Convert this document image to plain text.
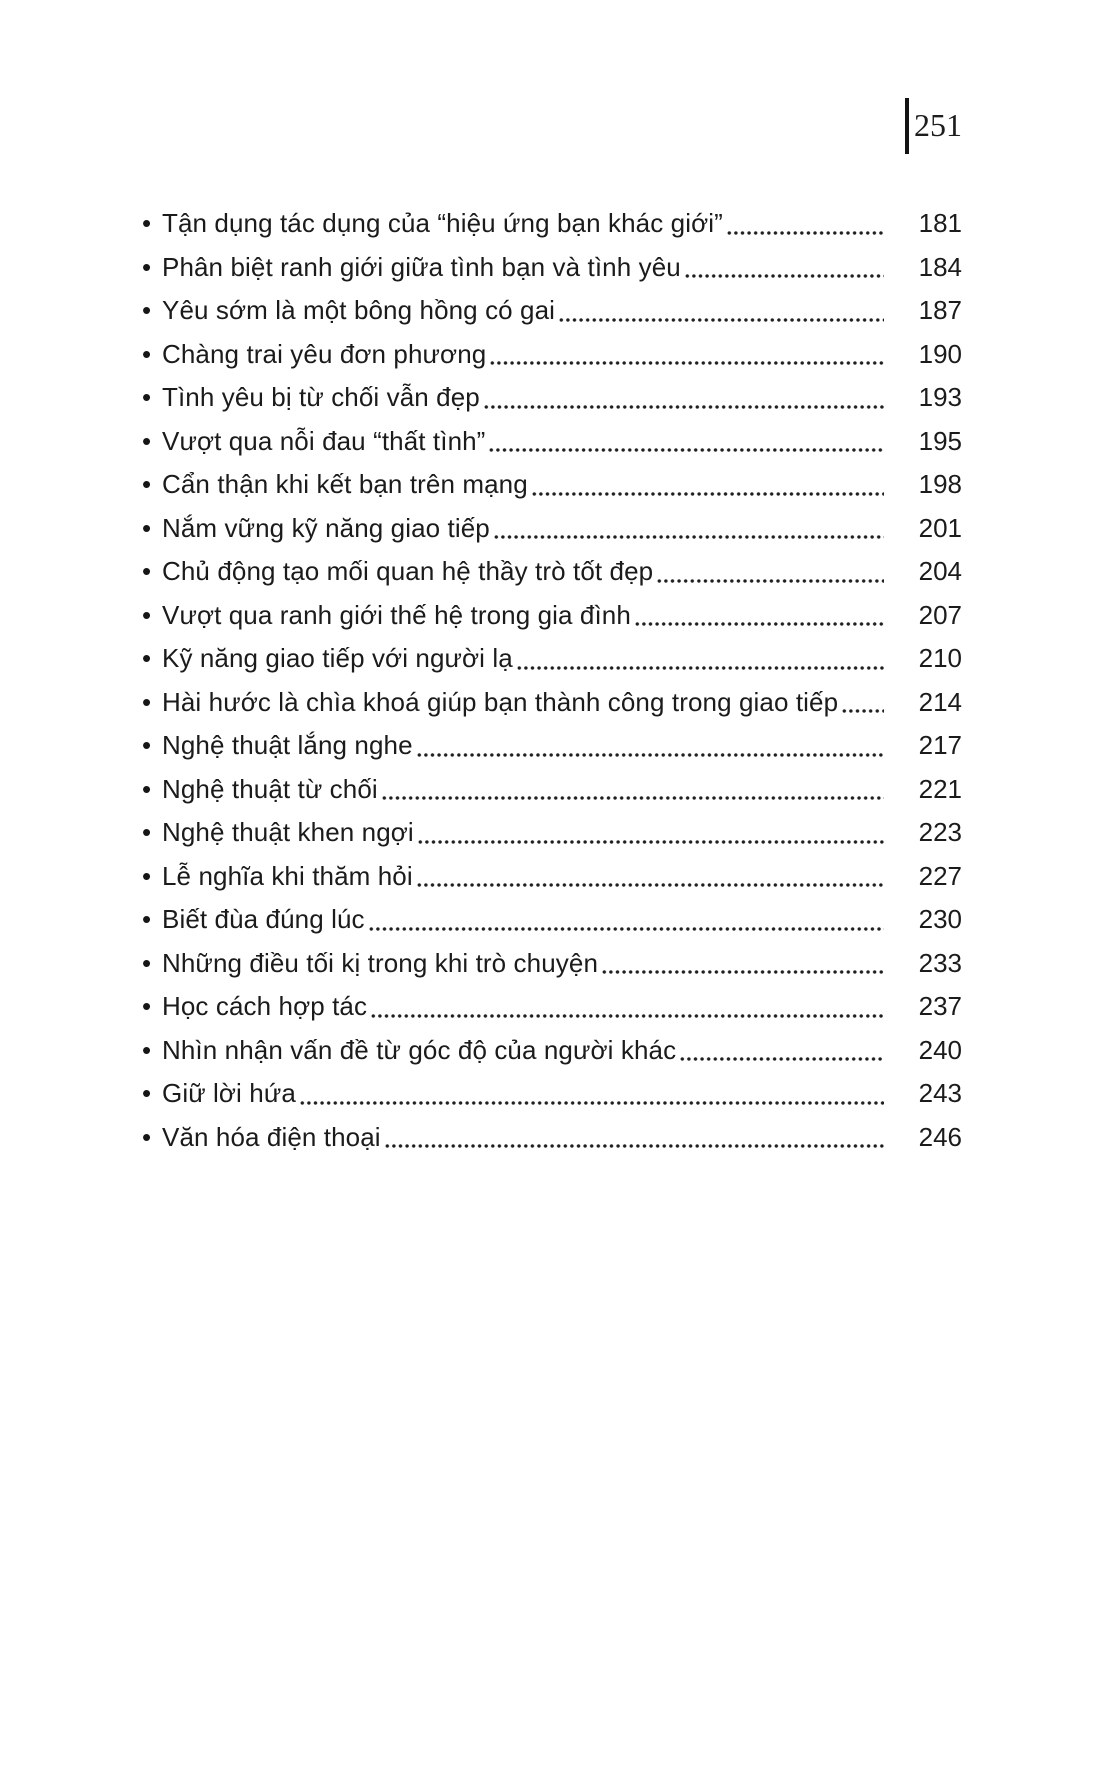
251
• Tận dụng tác dụng của “hiệu ứng bạn khác giới”	181
• Phân biệt ranh giới giữa tình bạn và tình yêu	184
• Yêu sớm là một bông hồng có gai	187
• Chàng trai yêu đơn phương	190
• Tình yêu bị từ chối vẫn đẹp	193
• Vượt qua nỗi đau “thất tình”	195
• Cẩn thận khi kết bạn trên mạng	198
• Nắm vững kỹ năng giao tiếp	201
• Chủ động tạo mối quan hệ thầy trò tốt đẹp	204
• Vượt qua ranh giới thế hệ trong gia đình	207
• Kỹ năng giao tiếp với người lạ	210
• Hài hước là chìa khoá giúp bạn thành công trong giao tiếp	214
• Nghệ thuật lắng nghe	217
• Nghệ thuật từ chối	221
• Nghệ thuật khen ngợi	223
• Lễ nghĩa khi thăm hỏi	227
• Biết đùa đúng lúc	230
• Những điều tối kị trong khi trò chuyện	233
• Học cách hợp tác	237
• Nhìn nhận vấn đề từ góc độ của người khác	240
• Giữ lời hứa	243
• Văn hóa điện thoại	246
